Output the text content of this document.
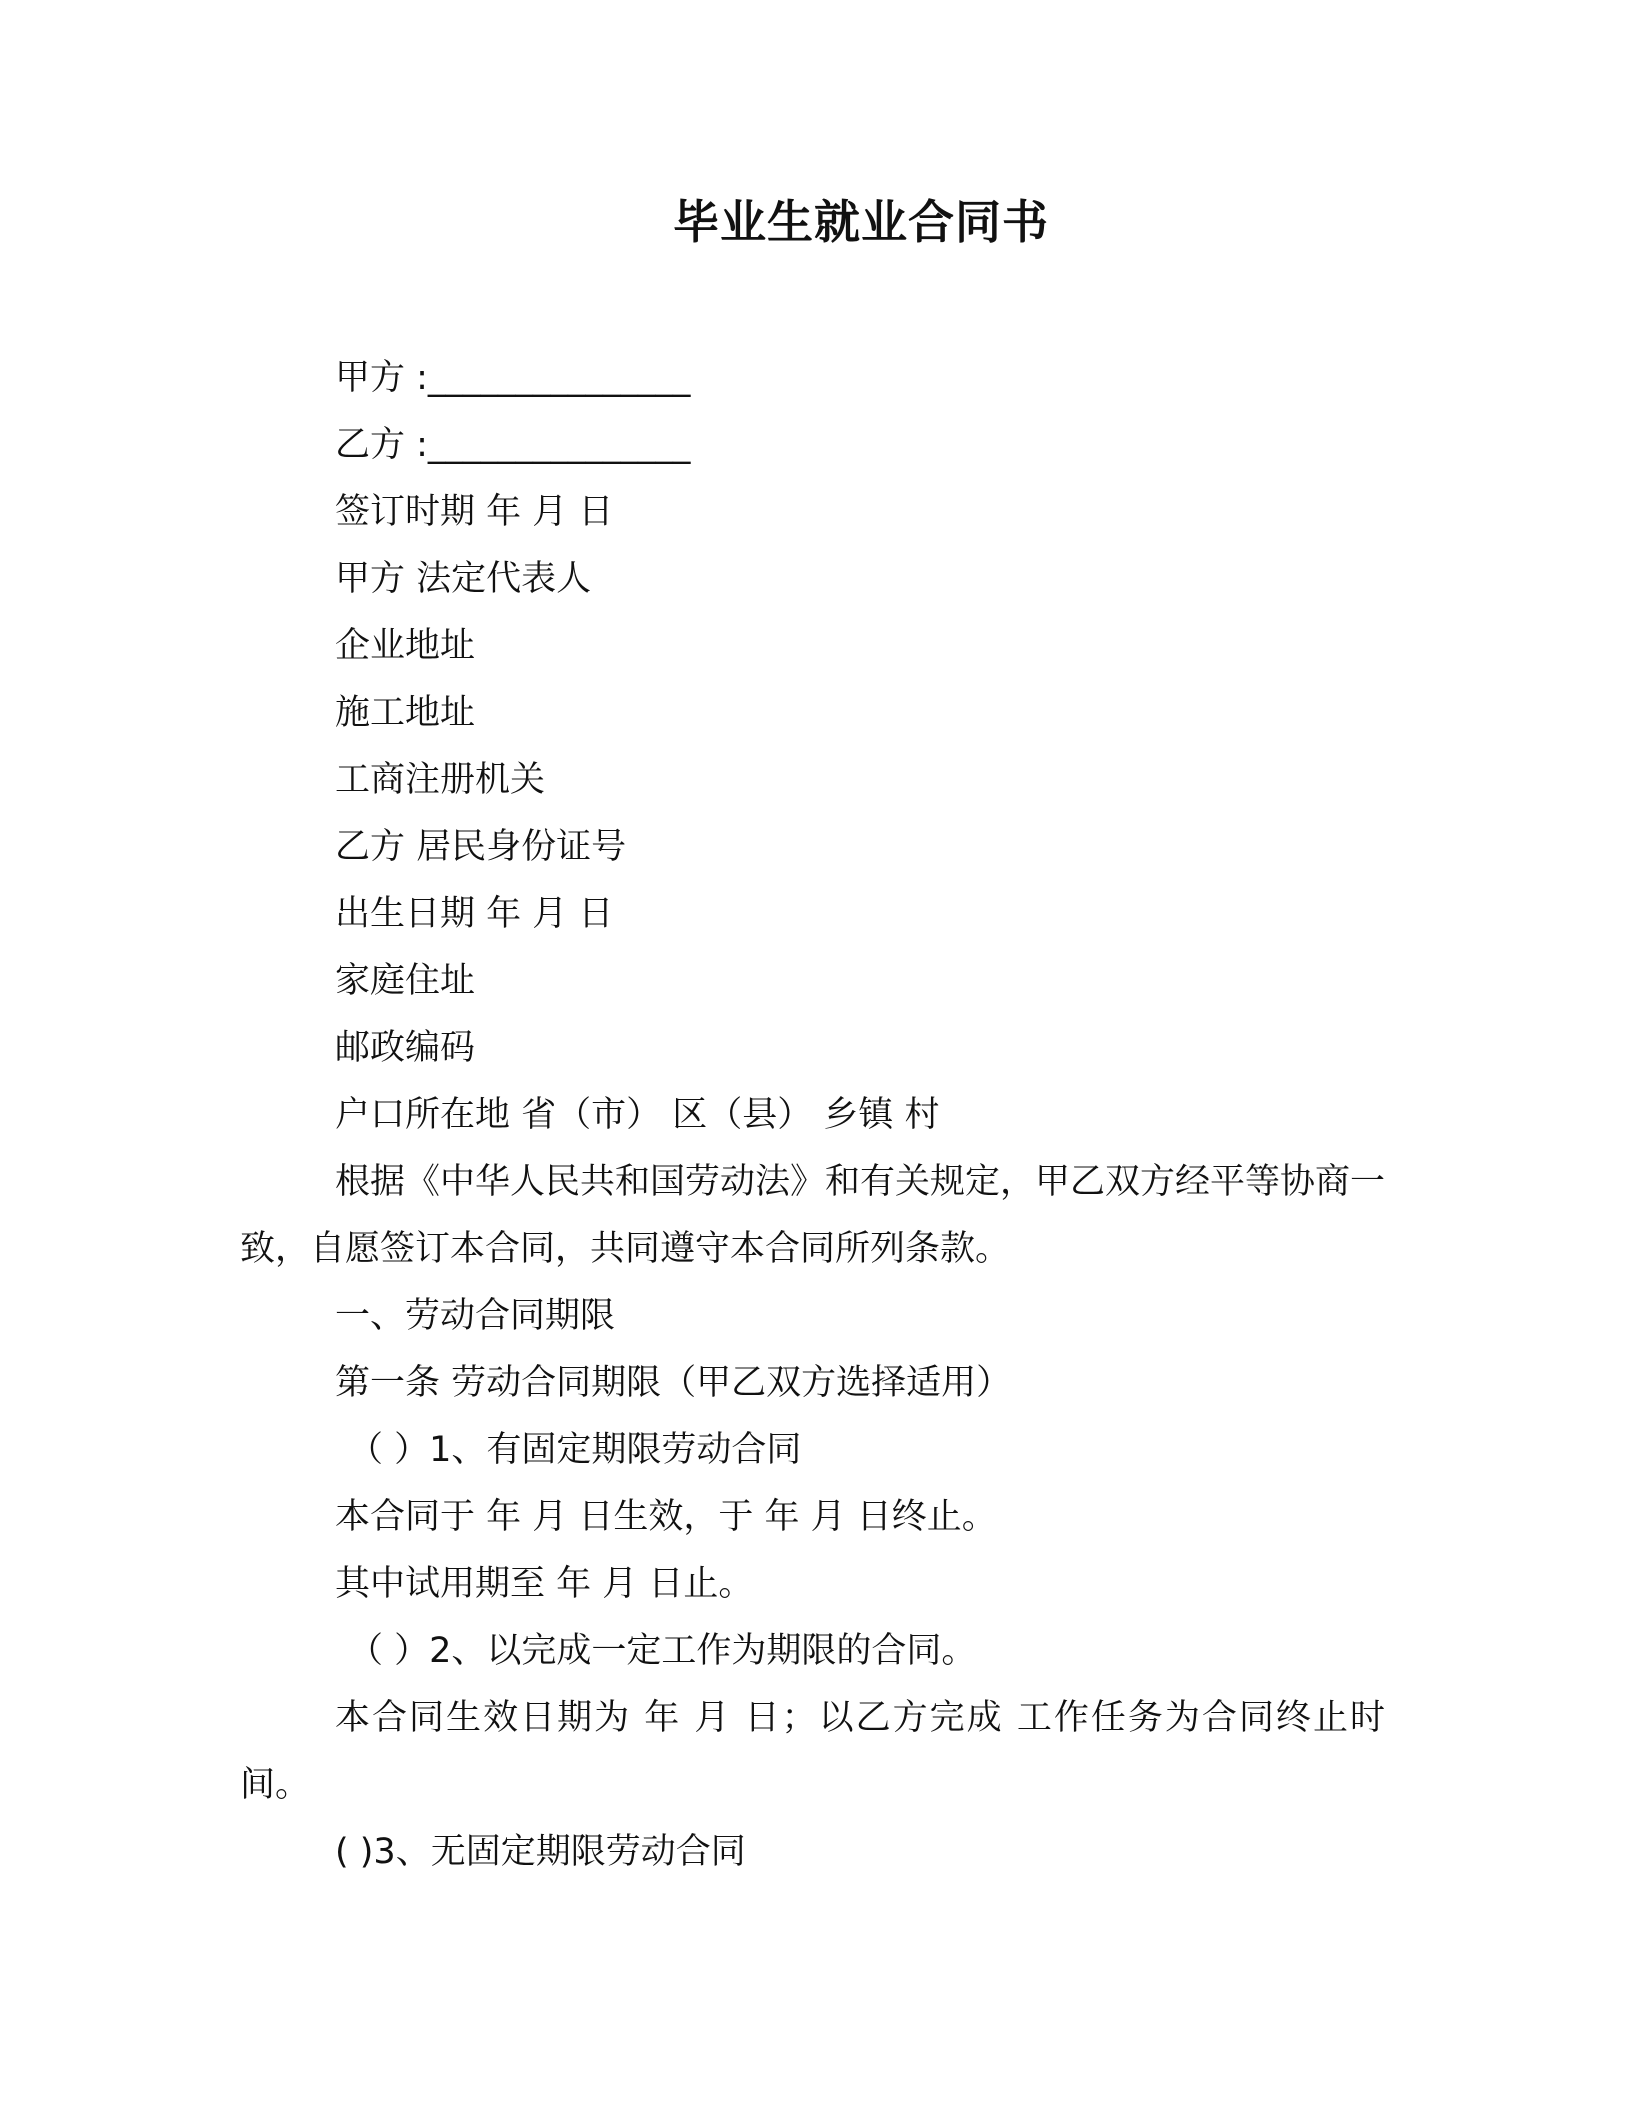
毕业生就业合同书
甲方 :_______________
乙方 :_______________
签订时期 年 月 日
甲方 法定代表人
企业地址
施工地址
工商注册机关
乙方 居民身份证号
出生日期 年 月 日
家庭住址
邮政编码
户口所在地 省（市） 区（县） 乡镇 村
根据《中华人民共和国劳动法》和有关规定，甲乙双方经平等协商一致，自愿签订本合同，共同遵守本合同所列条款。
一、劳动合同期限
第一条 劳动合同期限（甲乙双方选择适用）
（ ）1、有固定期限劳动合同
本合同于 年 月 日生效，于 年 月 日终止。
其中试用期至 年 月 日止。
（ ）2、以完成一定工作为期限的合同。
本合同生效日期为 年 月 日；以乙方完成 工作任务为合同终止时间。
( )3、无固定期限劳动合同
